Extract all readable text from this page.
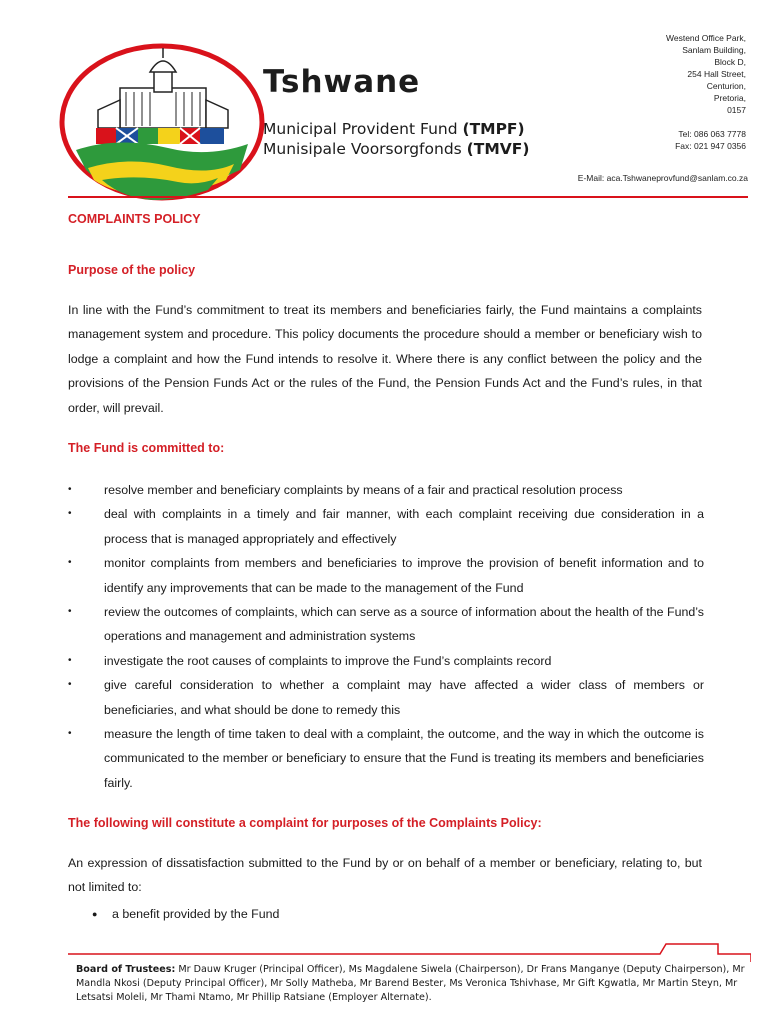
Tshwane
Municipal Provident Fund (TMPF)
Munisipale Voorsorgfonds (TMVF)
Westend Office Park,
Sanlam Building,
Block D,
254 Hall Street,
Centurion,
Pretoria,
0157
Tel: 086 063 7778
Fax: 021 947 0356
E-Mail: aca.Tshwaneprovfund@sanlam.co.za
COMPLAINTS POLICY
Purpose of the policy

In line with the Fund’s commitment to treat its members and beneficiaries fairly, the Fund maintains a complaints management system and procedure. This policy documents the procedure should a member or beneficiary wish to lodge a complaint and how the Fund intends to resolve it. Where there is any conflict between the policy and the provisions of the Pension Funds Act or the rules of the Fund, the Pension Funds Act and the Fund’s rules, in that order, will prevail.

The Fund is committed to:
• resolve member and beneficiary complaints by means of a fair and practical resolution process
• deal with complaints in a timely and fair manner, with each complaint receiving due consideration in a process that is managed appropriately and effectively
• monitor complaints from members and beneficiaries to improve the provision of benefit information and to identify any improvements that can be made to the management of the Fund
• review the outcomes of complaints, which can serve as a source of information about the health of the Fund’s operations and management and administration systems
• investigate the root causes of complaints to improve the Fund’s complaints record
• give careful consideration to whether a complaint may have affected a wider class of members or beneficiaries, and what should be done to remedy this
• measure the length of time taken to deal with a complaint, the outcome, and the way in which the outcome is communicated to the member or beneficiary to ensure that the Fund is treating its members and beneficiaries fairly.
The following will constitute a complaint for purposes of the Complaints Policy:

An expression of dissatisfaction submitted to the Fund by or on behalf of a member or beneficiary, relating to, but not limited to:

● a benefit provided by the Fund
Board of Trustees: Mr Dauw Kruger (Principal Officer), Ms Magdalene Siwela (Chairperson), Dr Frans Manganye (Deputy Chairperson), Mr Mandla Nkosi (Deputy Principal Officer), Mr Solly Matheba, Mr Barend Bester, Ms Veronica Tshivhase, Mr Gift Kgwatla, Mr Martin Steyn, Mr Letsatsi Moleli, Mr Thami Ntamo, Mr Phillip Ratsiane (Employer Alternate).
